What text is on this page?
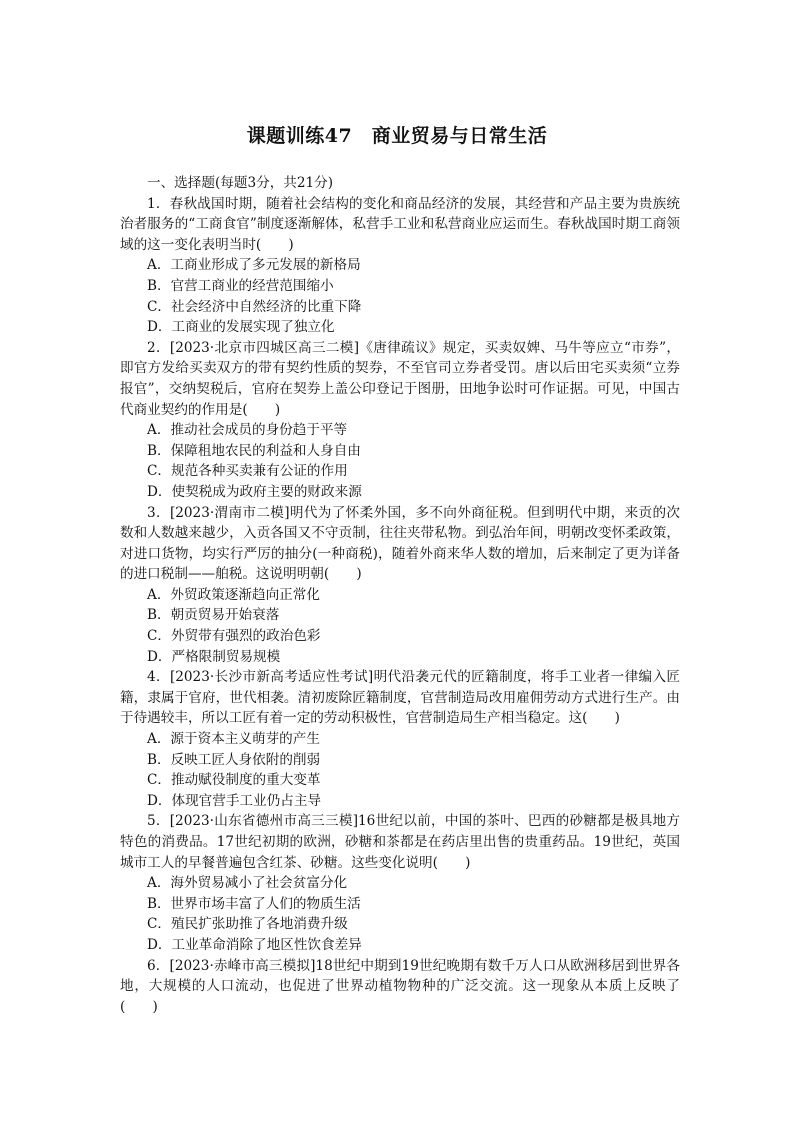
课题训练47　商业贸易与日常生活

一、选择题(每题3分，共21分)

1．春秋战国时期，随着社会结构的变化和商品经济的发展，其经营和产品主要为贵族统治者服务的“工商食官”制度逐渐解体，私营手工业和私营商业应运而生。春秋战国时期工商领域的这一变化表明当时(　　)

A．工商业形成了多元发展的新格局

B．官营工商业的经营范围缩小

C．社会经济中自然经济的比重下降

D．工商业的发展实现了独立化

2．[2023·北京市四城区高三二模]《唐律疏议》规定，买卖奴婢、马牛等应立“市券”，即官方发给买卖双方的带有契约性质的契券，不至官司立券者受罚。唐以后田宅买卖须“立券报官”，交纳契税后，官府在契券上盖公印登记于图册，田地争讼时可作证据。可见，中国古代商业契约的作用是(　　)

A．推动社会成员的身份趋于平等

B．保障租地农民的利益和人身自由

C．规范各种买卖兼有公证的作用

D．使契税成为政府主要的财政来源

3．[2023·渭南市二模]明代为了怀柔外国，多不向外商征税。但到明代中期，来贡的次数和人数越来越少，入贡各国又不守贡制，往往夹带私物。到弘治年间，明朝改变怀柔政策，对进口货物，均实行严厉的抽分(一种商税)，随着外商来华人数的增加，后来制定了更为详备的进口税制——舶税。这说明明朝(　　)

A．外贸政策逐渐趋向正常化

B．朝贡贸易开始衰落

C．外贸带有强烈的政治色彩

D．严格限制贸易规模

4．[2023·长沙市新高考适应性考试]明代沿袭元代的匠籍制度，将手工业者一律编入匠籍，隶属于官府，世代相袭。清初废除匠籍制度，官营制造局改用雇佣劳动方式进行生产。由于待遇较丰，所以工匠有着一定的劳动积极性，官营制造局生产相当稳定。这(　　)

A．源于资本主义萌芽的产生

B．反映工匠人身依附的削弱

C．推动赋役制度的重大变革

D．体现官营手工业仍占主导

5．[2023·山东省德州市高三三模]16世纪以前，中国的茶叶、巴西的砂糖都是极具地方特色的消费品。17世纪初期的欧洲，砂糖和茶都是在药店里出售的贵重药品。19世纪，英国城市工人的早餐普遍包含红茶、砂糖。这些变化说明(　　)

A．海外贸易减小了社会贫富分化

B．世界市场丰富了人们的物质生活

C．殖民扩张助推了各地消费升级

D．工业革命消除了地区性饮食差异

6．[2023·赤峰市高三模拟]18世纪中期到19世纪晚期有数千万人口从欧洲移居到世界各地，大规模的人口流动，也促进了世界动植物物种的广泛交流。这一现象从本质上反映了(　　)
